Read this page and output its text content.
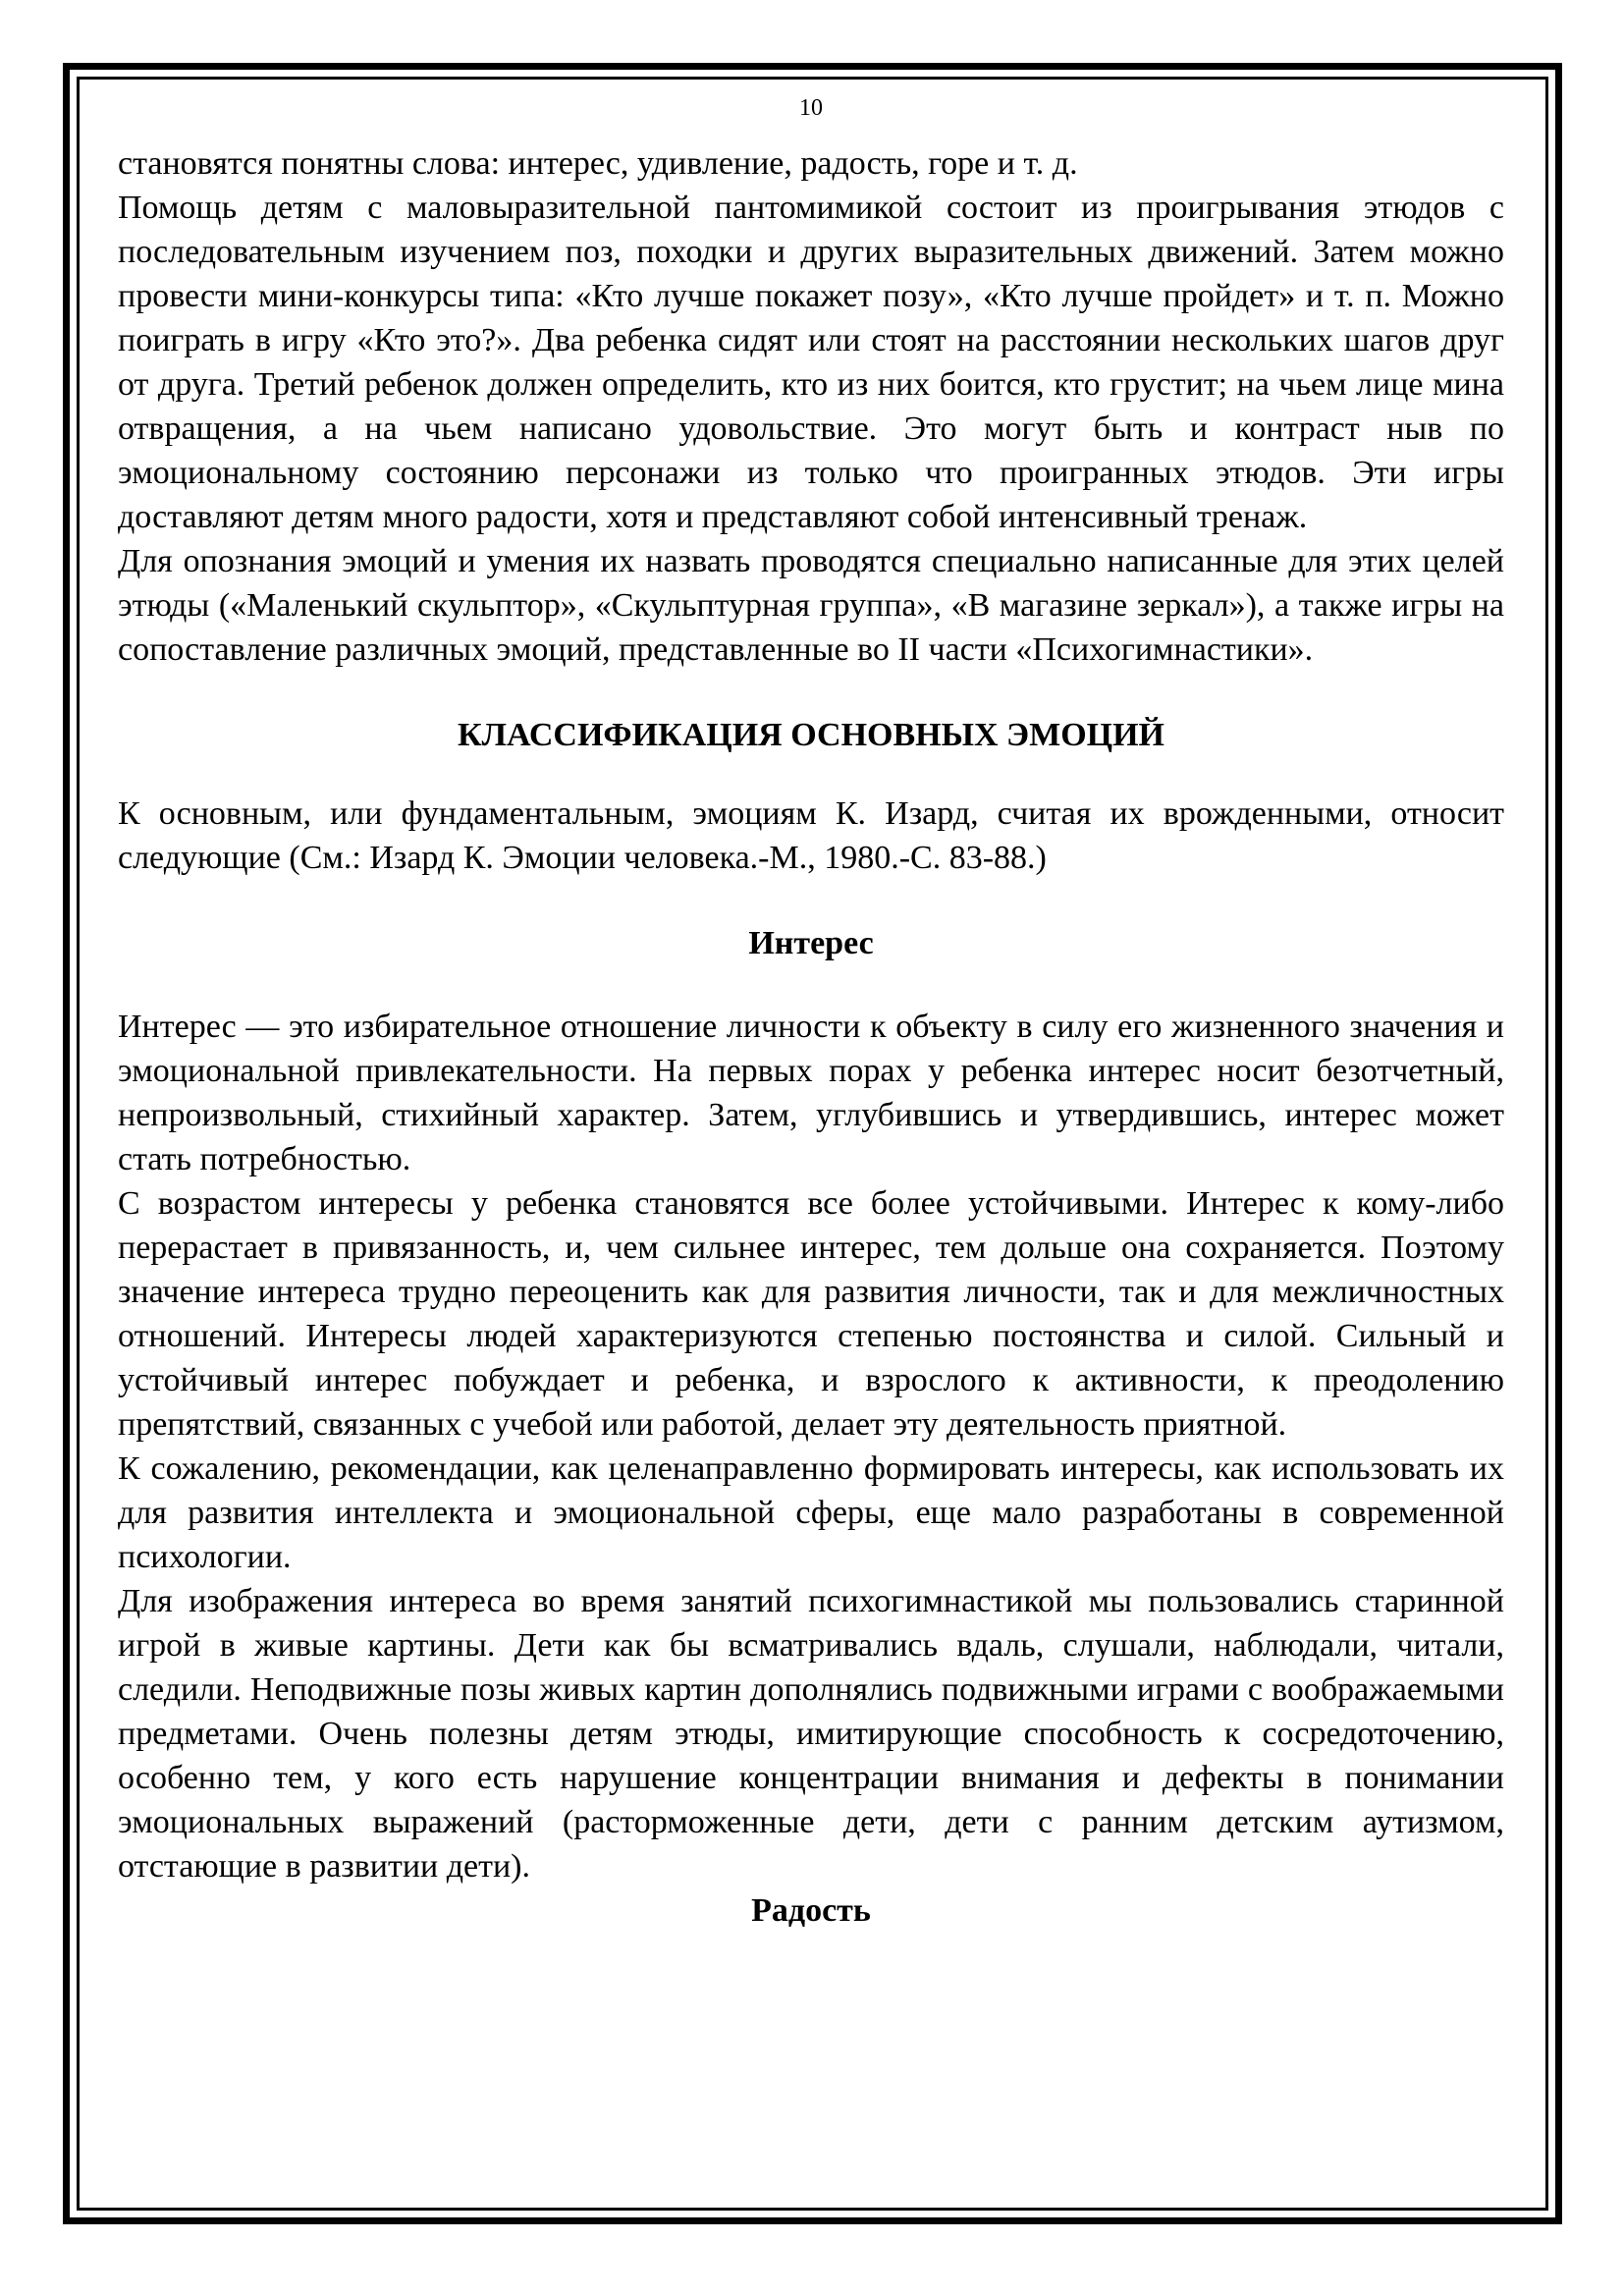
10

становятся понятны слова: интерес, удивление, радость, горе и т. д.

Помощь детям с маловыразительной пантомимикой состоит из проигрывания этюдов с последовательным изучением поз, походки и других выразительных движений. Затем можно провести мини-конкурсы типа: «Кто лучше покажет позу», «Кто лучше пройдет» и т. п. Можно поиграть в игру «Кто это?». Два ребенка сидят или стоят на расстоянии нескольких шагов друг от друга. Третий ребенок должен определить, кто из них боится, кто грустит; на чьем лице мина отвращения, а на чьем написано удовольствие. Это могут быть и контраст ныв по эмоциональному состоянию персонажи из только что проигранных этюдов. Эти игры доставляют детям много радости, хотя и представляют собой интенсивный тренаж.

Для опознания эмоций и умения их назвать проводятся специально написанные для этих целей этюды («Маленький скульптор», «Скульптурная группа», «В магазине зеркал»), а также игры на сопоставление различных эмоций, представленные во II части «Психогимнастики».

КЛАССИФИКАЦИЯ ОСНОВНЫХ ЭМОЦИЙ

К основным, или фундаментальным, эмоциям К. Изард, считая их врожденными, относит следующие (См.: Изард К. Эмоции человека.-М., 1980.-С. 83-88.)

Интерес

Интерес — это избирательное отношение личности к объекту в силу его жизненного значения и эмоциональной привлекательности. На первых порах у ребенка интерес носит безотчетный, непроизвольный, стихийный характер. Затем, углубившись и утвердившись, интерес может стать потребностью.

С возрастом интересы у ребенка становятся все более устойчивыми. Интерес к кому-либо перерастает в привязанность, и, чем сильнее интерес, тем дольше она сохраняется. Поэтому значение интереса трудно переоценить как для развития личности, так и для межличностных отношений. Интересы людей характеризуются степенью постоянства и силой. Сильный и устойчивый интерес побуждает и ребенка, и взрослого к активности, к преодолению препятствий, связанных с учебой или работой, делает эту деятельность приятной.

К сожалению, рекомендации, как целенаправленно формировать интересы, как использовать их для развития интеллекта и эмоциональной сферы, еще мало разработаны в современной психологии.

Для изображения интереса во время занятий психогимнастикой мы пользовались старинной игрой в живые картины. Дети как бы всматривались вдаль, слушали, наблюдали, читали, следили. Неподвижные позы живых картин дополнялись подвижными играми с воображаемыми предметами. Очень полезны детям этюды, имитирующие способность к сосредоточению, особенно тем, у кого есть нарушение концентрации внимания и дефекты в понимании эмоциональных выражений (расторможенные дети, дети с ранним детским аутизмом, отстающие в развитии дети).

Радость
